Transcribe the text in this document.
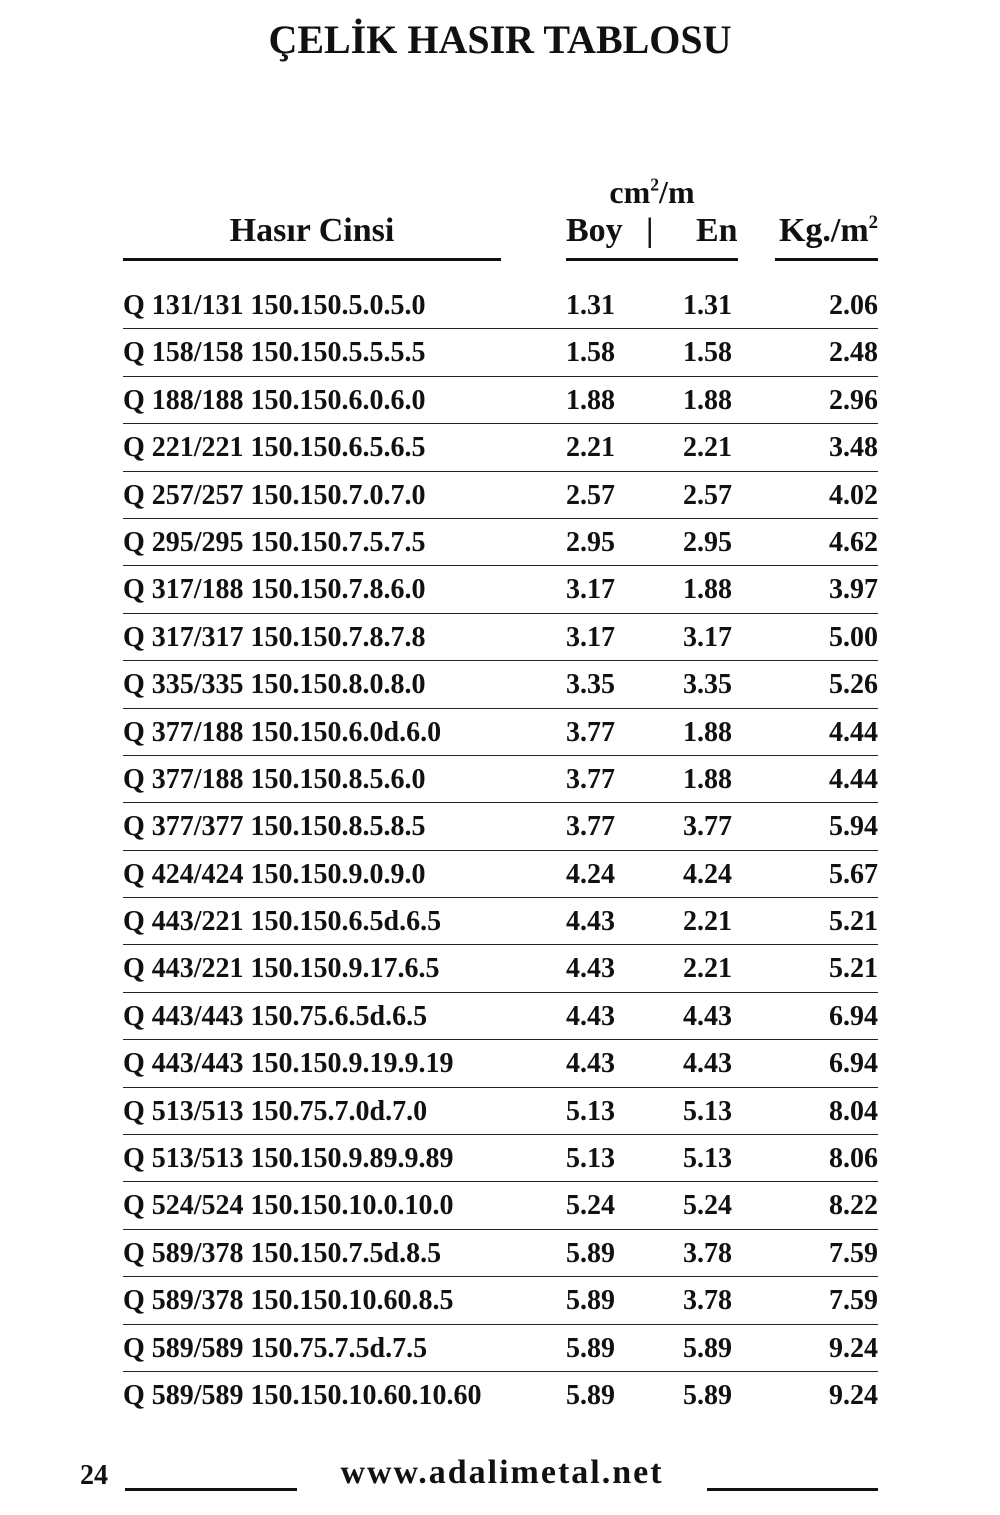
ÇELİK HASIR TABLOSU
$cm^2/m$
Hasır Cinsi	Boy | En $Kg./m^2$
Q 131/131 150.150.5.0.5.0	1.31 1.31	2.06
Q 158/158 150.150.5.5.5.5	1.58 1.58	2.48
Q 188/188 150.150.6.0.6.0	1.88 1.88	2.96
Q 221/221 150.150.6.5.6.5	2.21 2.21	3.48
Q 257/257 150.150.7.0.7.0	2.57 2.57	4.02
Q 295/295 150.150.7.5.7.5	2.95 2.95	4.62
Q 317/188 150.150.7.8.6.0	3.17 1.88	3.97
Q 317/317 150.150.7.8.7.8	3.17 3.17	5.00
Q 335/335 150.150.8.0.8.0	3.35 3.35	5.26
Q 377/188 150.150.6.0d.6.0	3.77 1.88	4.44
Q 377/188 150.150.8.5.6.0	3.77 1.88	4.44
Q 377/377 150.150.8.5.8.5	3.77 3.77	5.94
Q 424/424 150.150.9.0.9.0	4.24 4.24	5.67
Q 443/221 150.150.6.5d.6.5	4.43 2.21	5.21
Q 443/221 150.150.9.17.6.5	4.43 2.21	5.21
Q 443/443 150.75.6.5d.6.5	4.43 4.43	6.94
Q 443/443 150.150.9.19.9.19	4.43 4.43	6.94
Q 513/513 150.75.7.0d.7.0	5.13 5.13	8.04
Q 513/513 150.150.9.89.9.89	5.13 5.13	8.06
Q 524/524 150.150.10.0.10.0	5.24 5.24	8.22
Q 589/378 150.150.7.5d.8.5	5.89 3.78	7.59
Q 589/378 150.150.10.60.8.5	5.89 3.78	7.59
Q 589/589 150.75.7.5d.7.5	5.89 5.89	9.24
Q 589/589 150.150.10.60.10.60	5.89 5.89	9.24
24	www.adalimetal.net
